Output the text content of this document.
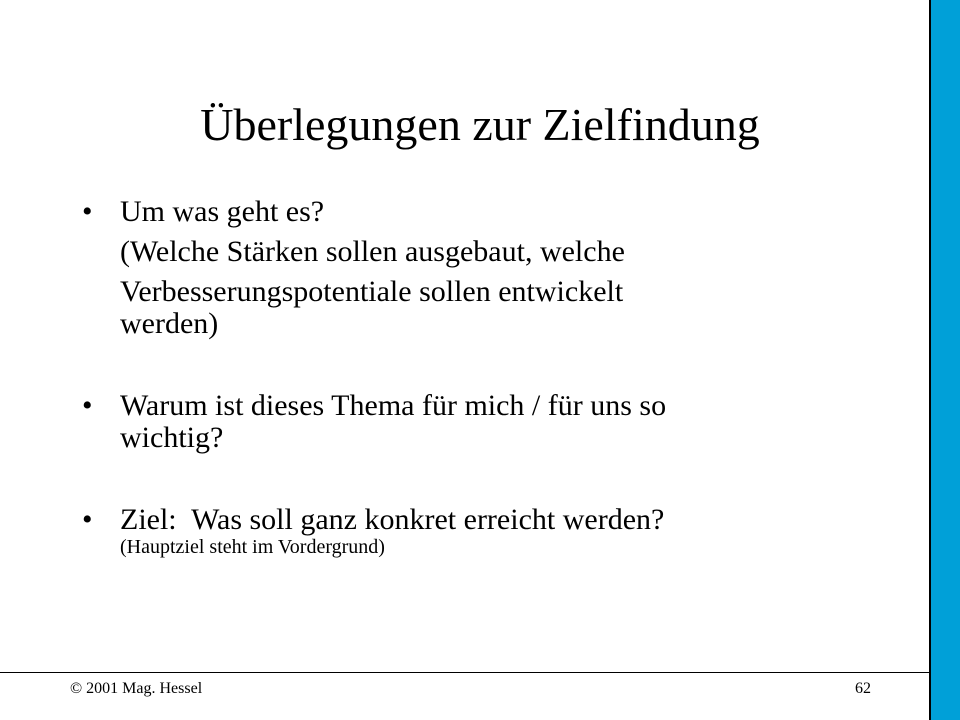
Überlegungen zur Zielfindung
• Um was geht es?
(Welche Stärken sollen ausgebaut, welche
Verbesserungspotentiale sollen entwickelt
werden)
• Warum ist dieses Thema für mich / für uns so
wichtig?
• Ziel:  Was soll ganz konkret erreicht werden?
(Hauptziel steht im Vordergrund)
© 2001 Mag. Hessel	62
